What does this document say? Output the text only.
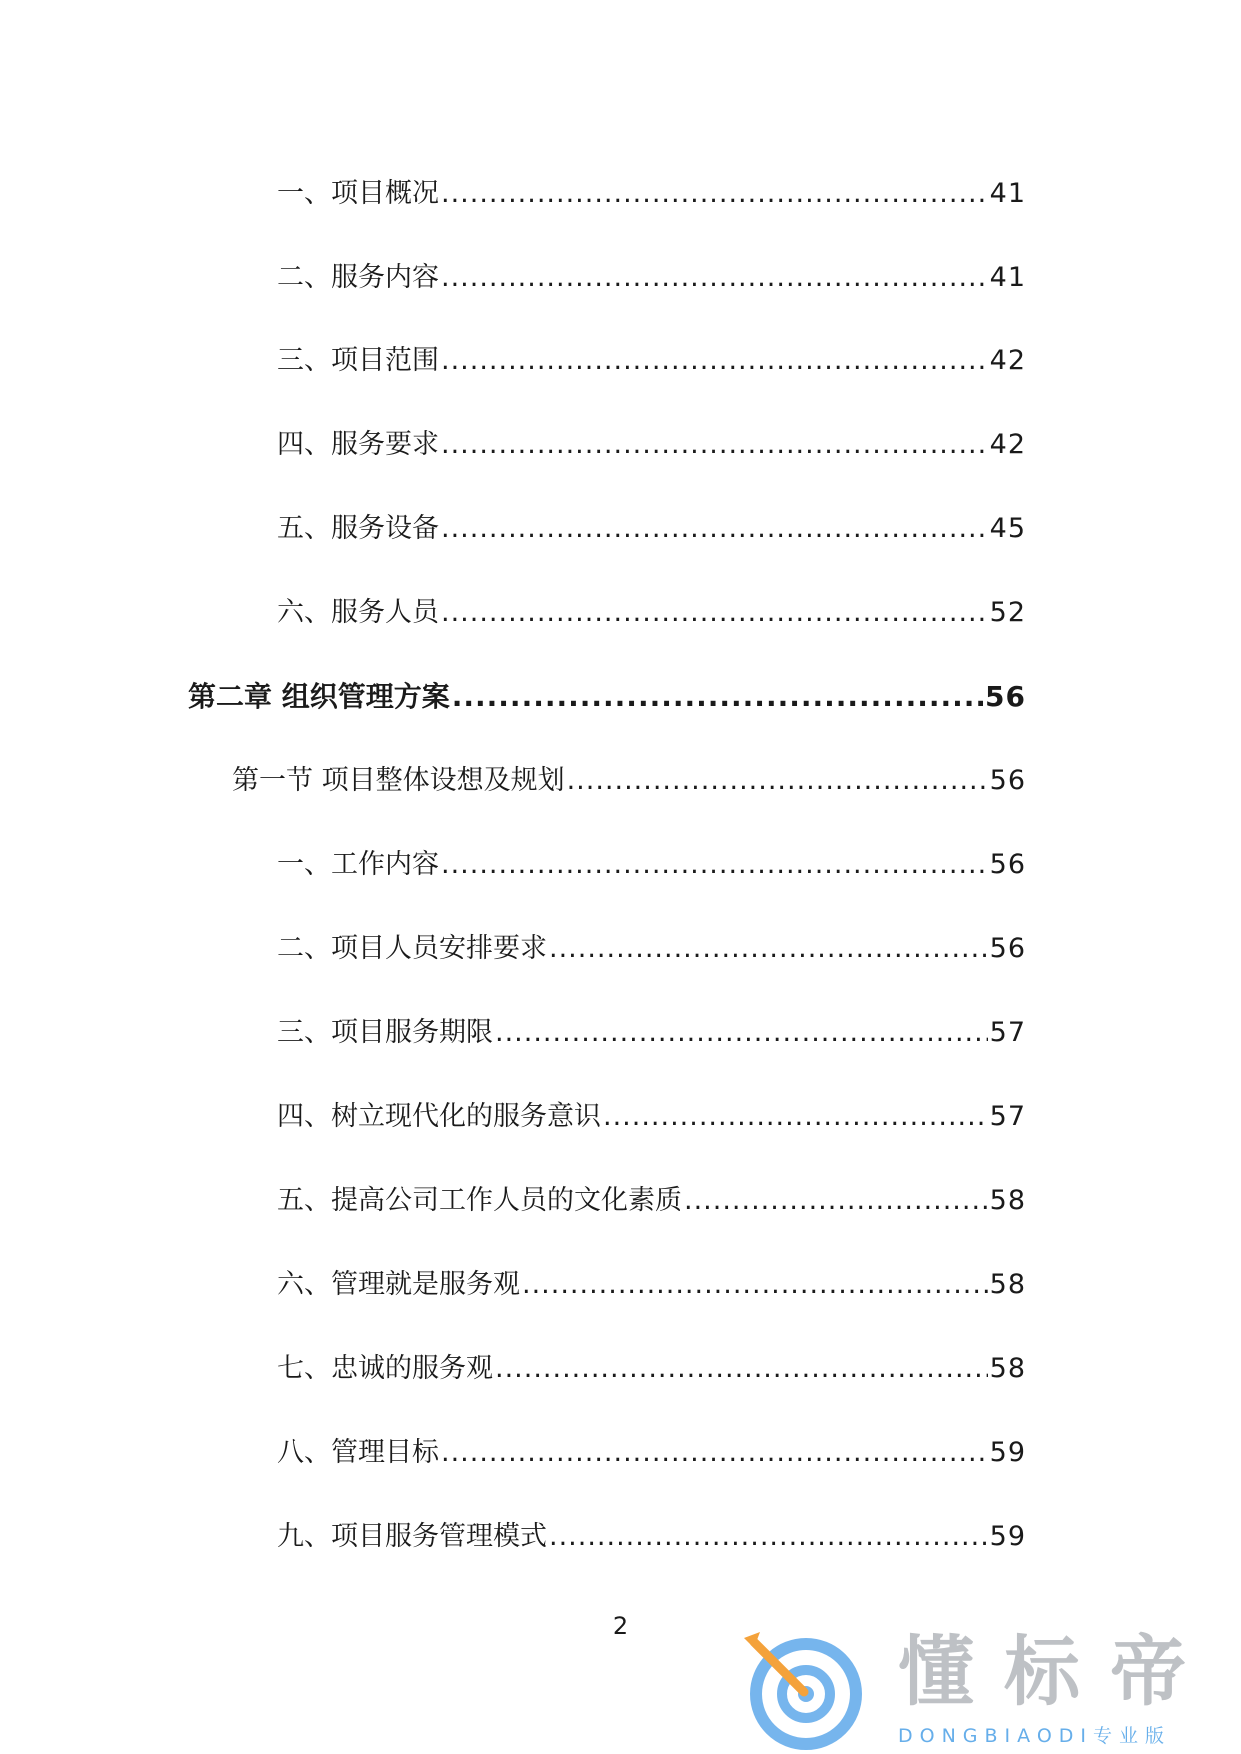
一、项目概况 .....	41
二、服务内容 .....	41
三、项目范围 .....	42
四、服务要求 .....	42
五、服务设备 .....	45
六、服务人员 .....	52
第二章 组织管理方案 .....	56
第一节 项目整体设想及规划 .....	56
一、工作内容 .....	56
二、项目人员安排要求 .....	56
三、项目服务期限 .....	57
四、树立现代化的服务意识 .....	57
五、提高公司工作人员的文化素质 .....	58
六、管理就是服务观 .....	58
七、忠诚的服务观 .....	58
八、管理目标 .....	59
九、项目服务管理模式 .....	59
2
懂标帝
DONGBIAODI专业版
